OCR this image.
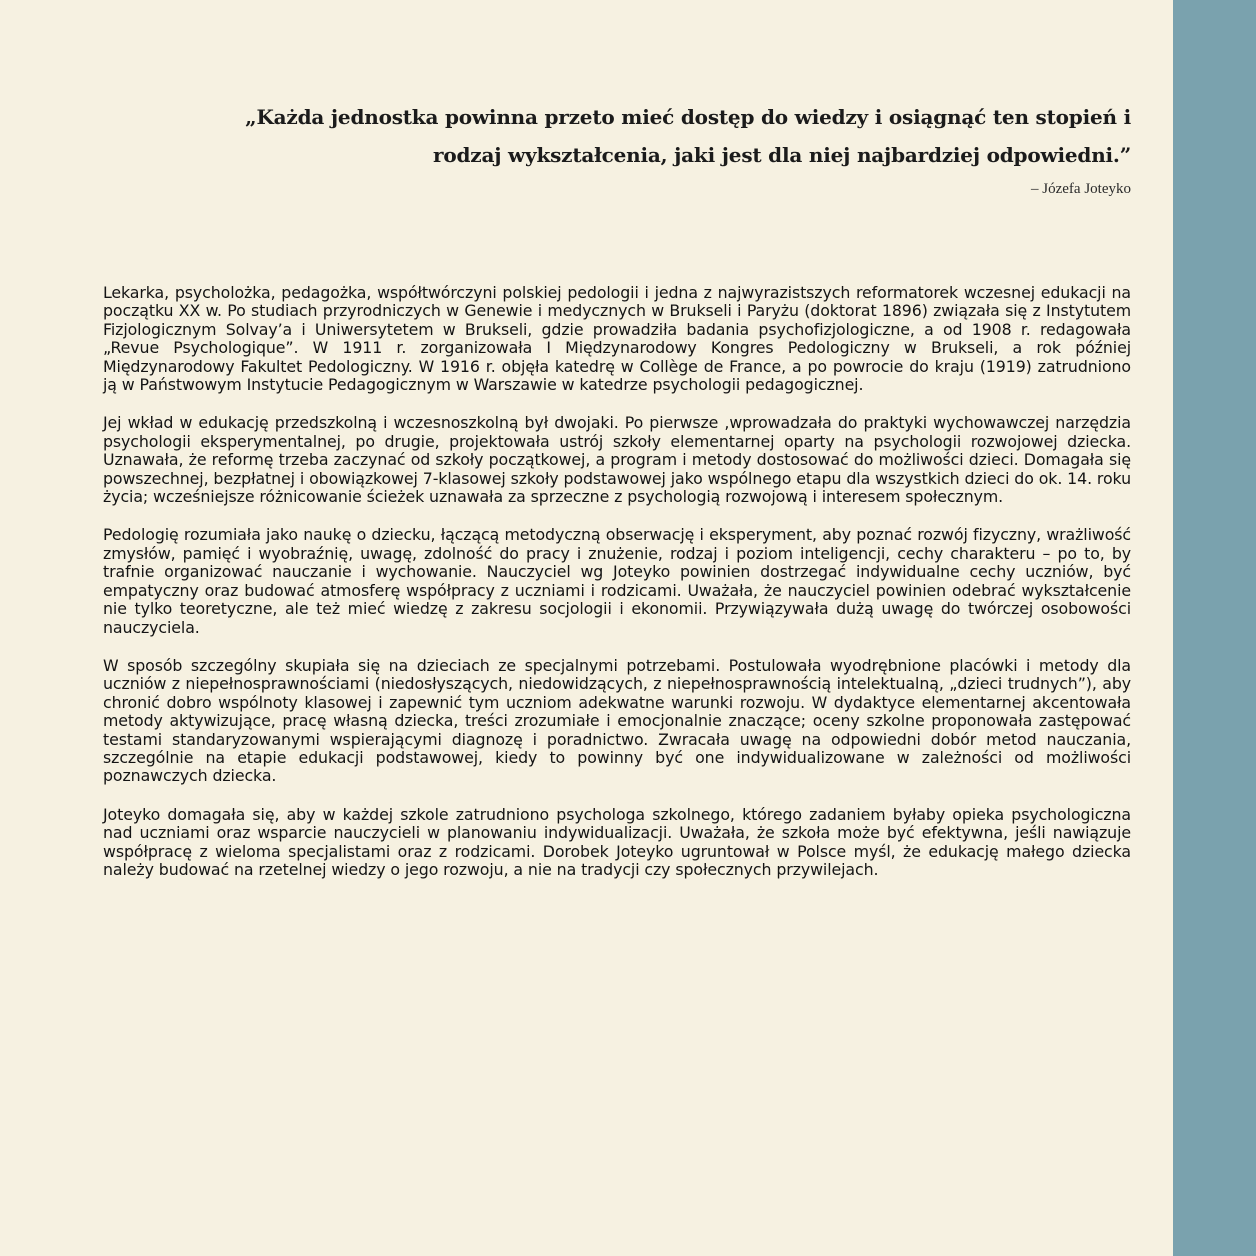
„Każda jednostka powinna przeto mieć dostęp do wiedzy i osiągnąć ten stopień i rodzaj wykształcenia, jaki jest dla niej najbardziej odpowiedni.”

– Józefa Joteyko

Lekarka, psycholożka, pedagożka, współtwórczyni polskiej pedologii i jedna z najwyrazistszych reformatorek wczesnej edukacji na początku XX w. Po studiach przyrodniczych w Genewie i medycznych w Brukseli i Paryżu (doktorat 1896) związała się z Instytutem Fizjologicznym Solvay’a i Uniwersytetem w Brukseli, gdzie prowadziła badania psychofizjologiczne, a od 1908 r. redagowała „Revue Psychologique”. W 1911 r. zorganizowała I Międzynarodowy Kongres Pedologiczny w Brukseli, a rok później Międzynarodowy Fakultet Pedologiczny. W 1916 r. objęła katedrę w Collège de France, a po powrocie do kraju (1919) zatrudniono ją w Państwowym Instytucie Pedagogicznym w Warszawie w katedrze psychologii pedagogicznej.

Jej wkład w edukację przedszkolną i wczesnoszkolną był dwojaki. Po pierwsze ,wprowadzała do praktyki wychowawczej narzędzia psychologii eksperymentalnej, po drugie, projektowała ustrój szkoły elementarnej oparty na psychologii rozwojowej dziecka. Uznawała, że reformę trzeba zaczynać od szkoły początkowej, a program i metody dostosować do możliwości dzieci. Domagała się powszechnej, bezpłatnej i obowiązkowej 7-klasowej szkoły podstawowej jako wspólnego etapu dla wszystkich dzieci do ok. 14. roku życia; wcześniejsze różnicowanie ścieżek uznawała za sprzeczne z psychologią rozwojową i interesem społecznym.

Pedologię rozumiała jako naukę o dziecku, łączącą metodyczną obserwację i eksperyment, aby poznać rozwój fizyczny, wrażliwość zmysłów, pamięć i wyobraźnię, uwagę, zdolność do pracy i znużenie, rodzaj i poziom inteligencji, cechy charakteru – po to, by trafnie organizować nauczanie i wychowanie. Nauczyciel wg Joteyko powinien dostrzegać indywidualne cechy uczniów, być empatyczny oraz budować atmosferę współpracy z uczniami i rodzicami. Uważała, że nauczyciel powinien odebrać wykształcenie nie tylko teoretyczne, ale też mieć wiedzę z zakresu socjologii i ekonomii. Przywiązywała dużą uwagę do twórczej osobowości nauczyciela.

W sposób szczególny skupiała się na dzieciach ze specjalnymi potrzebami. Postulowała wyodrębnione placówki i metody dla uczniów z niepełnosprawnościami (niedosłyszących, niedowidzących, z niepełnosprawnością intelektualną, „dzieci trudnych”), aby chronić dobro wspólnoty klasowej i zapewnić tym uczniom adekwatne warunki rozwoju. W dydaktyce elementarnej akcentowała metody aktywizujące, pracę własną dziecka, treści zrozumiałe i emocjonalnie znaczące; oceny szkolne proponowała zastępować testami standaryzowanymi wspierającymi diagnozę i poradnictwo. Zwracała uwagę na odpowiedni dobór metod nauczania, szczególnie na etapie edukacji podstawowej, kiedy to powinny być one indywidualizowane w zależności od możliwości poznawczych dziecka.

Joteyko domagała się, aby w każdej szkole zatrudniono psychologa szkolnego, którego zadaniem byłaby opieka psychologiczna nad uczniami oraz wsparcie nauczycieli w planowaniu indywidualizacji. Uważała, że szkoła może być efektywna, jeśli nawiązuje współpracę z wieloma specjalistami oraz z rodzicami. Dorobek Joteyko ugruntował w Polsce myśl, że edukację małego dziecka należy budować na rzetelnej wiedzy o jego rozwoju, a nie na tradycji czy społecznych przywilejach.
